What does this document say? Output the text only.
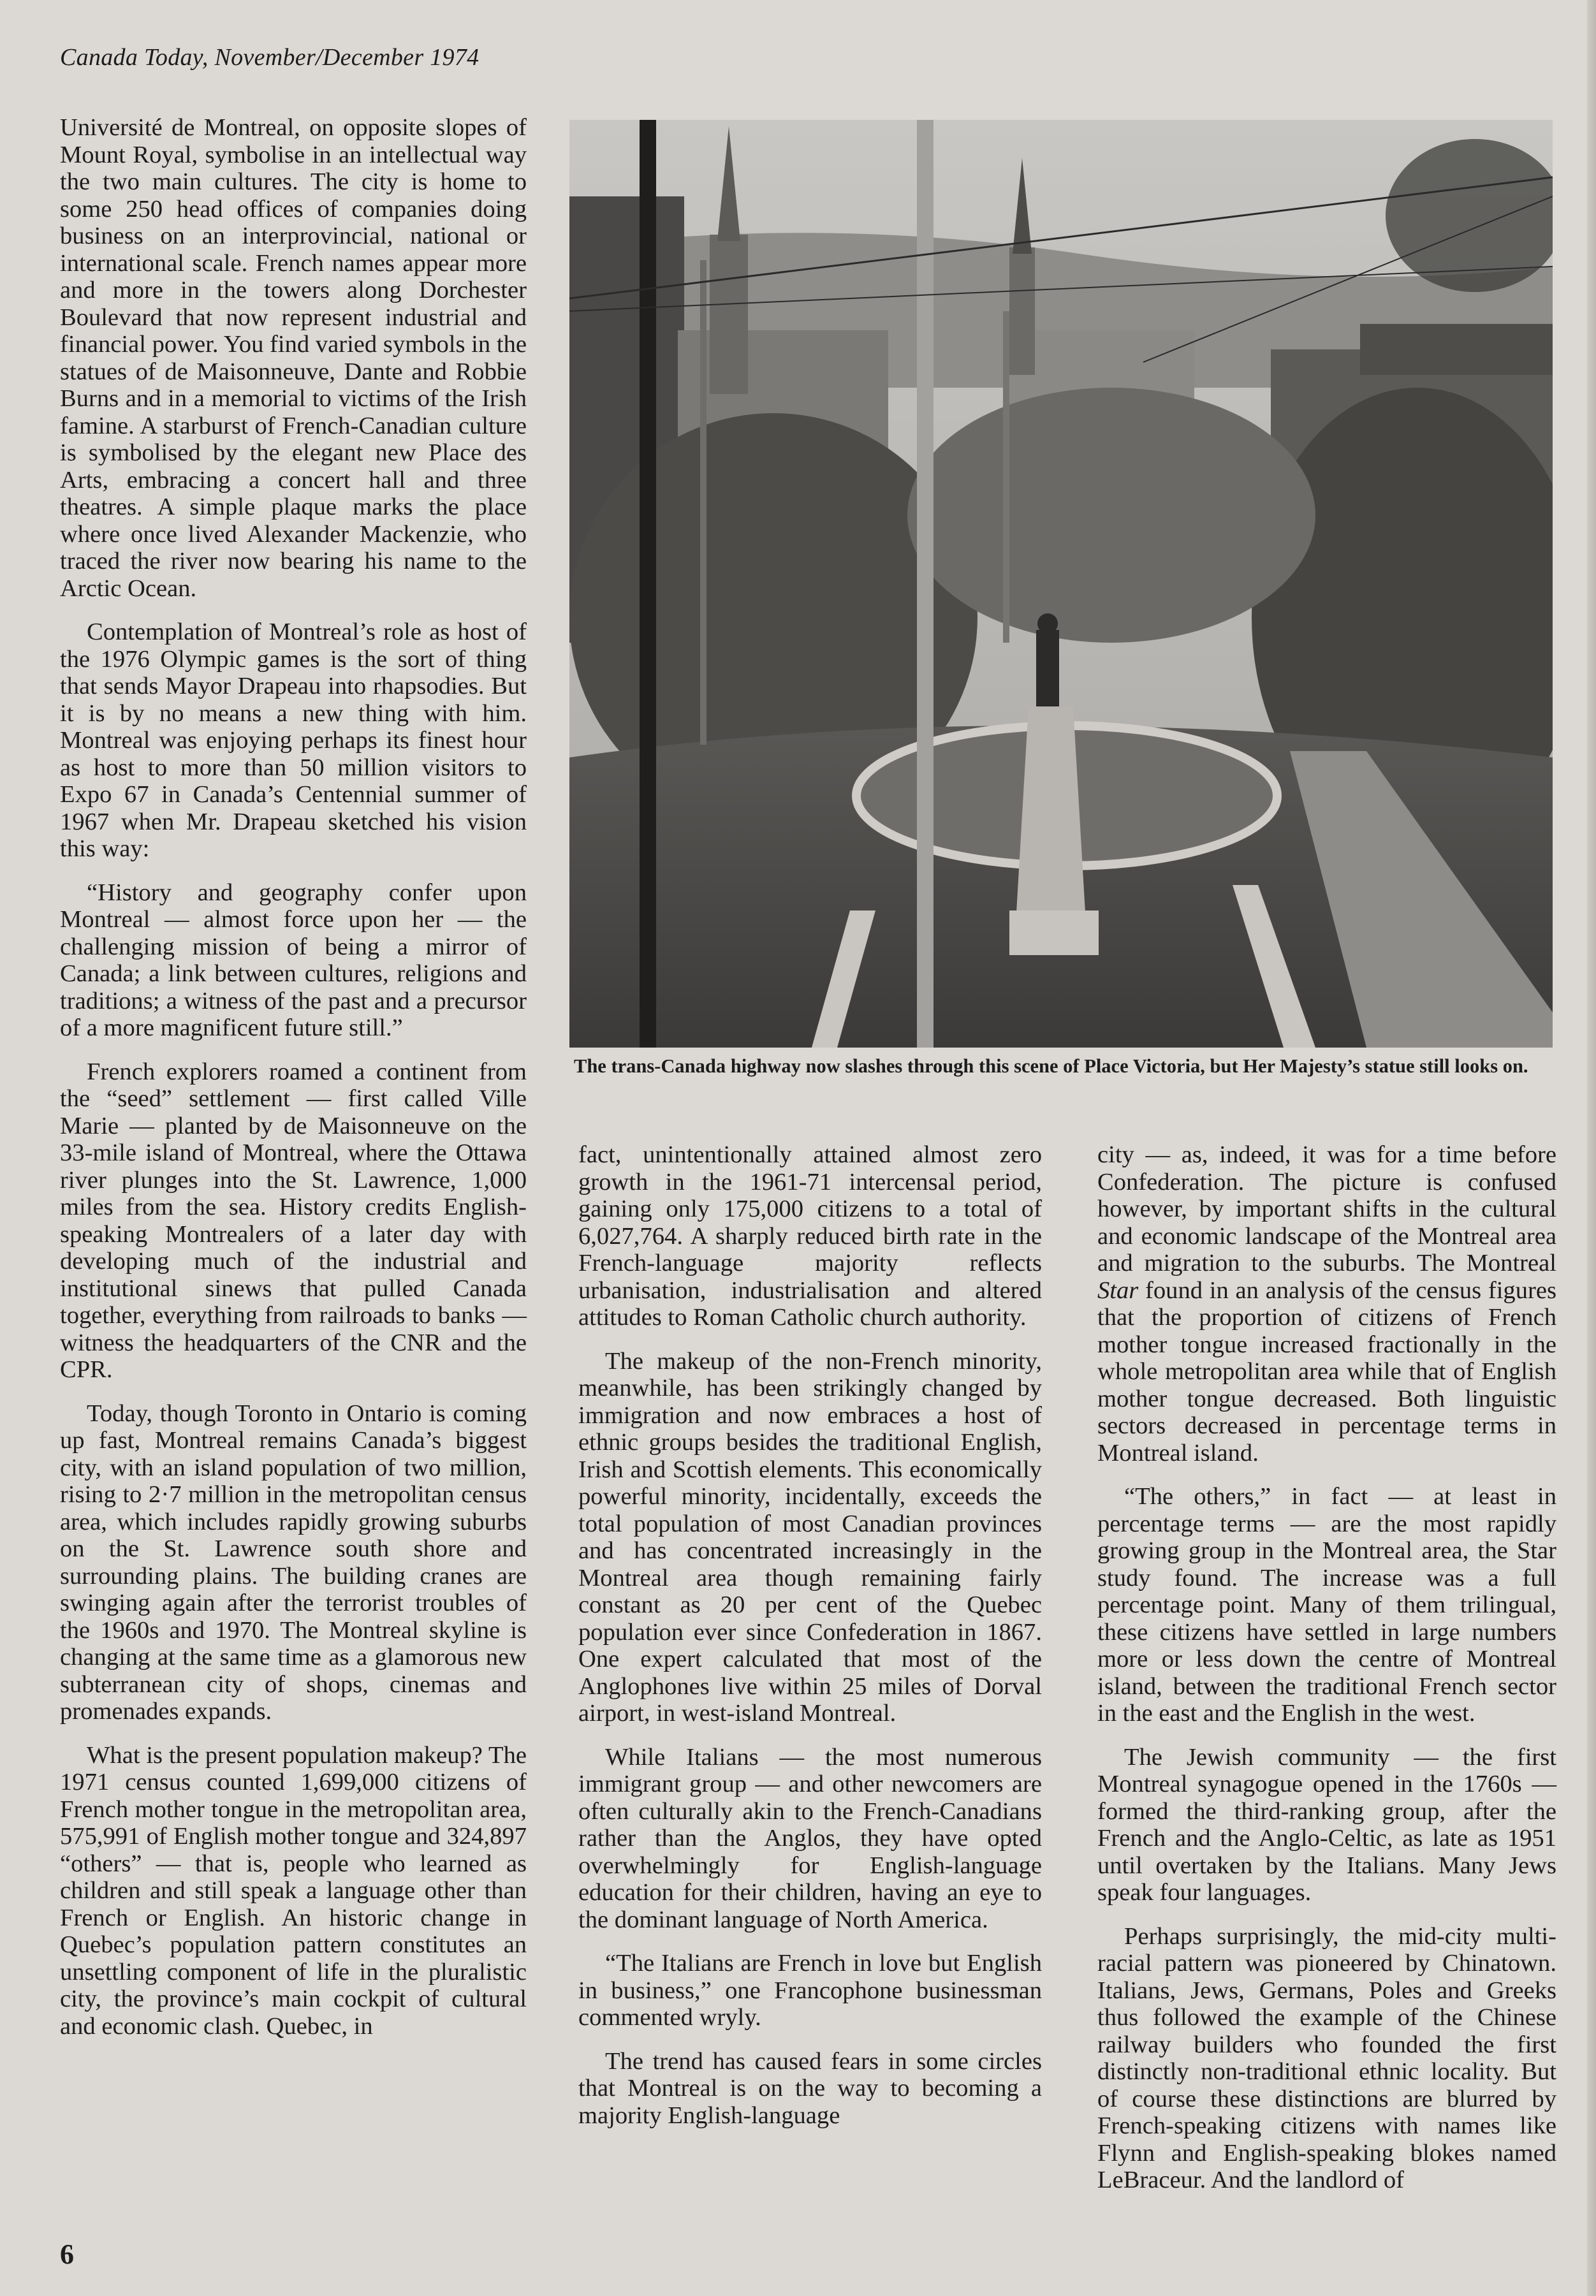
Canada Today, November/December 1974

Université de Montreal, on opposite slopes of Mount Royal, symbolise in an intellectual way the two main cultures. The city is home to some 250 head offices of companies doing business on an interprovincial, national or international scale. French names appear more and more in the towers along Dorchester Boulevard that now represent industrial and financial power. You find varied symbols in the statues of de Maisonneuve, Dante and Robbie Burns and in a memorial to victims of the Irish famine. A starburst of French-Canadian culture is symbolised by the elegant new Place des Arts, embracing a concert hall and three theatres. A simple plaque marks the place where once lived Alexander Mackenzie, who traced the river now bearing his name to the Arctic Ocean.

Contemplation of Montreal’s role as host of the 1976 Olympic games is the sort of thing that sends Mayor Drapeau into rhapsodies. But it is by no means a new thing with him. Montreal was enjoying perhaps its finest hour as host to more than 50 million visitors to Expo 67 in Canada’s Centennial summer of 1967 when Mr. Drapeau sketched his vision this way:

“History and geography confer upon Montreal — almost force upon her — the challenging mission of being a mirror of Canada; a link between cultures, religions and traditions; a witness of the past and a precursor of a more magnificent future still.”

French explorers roamed a continent from the “seed” settlement — first called Ville Marie — planted by de Maisonneuve on the 33-mile island of Montreal, where the Ottawa river plunges into the St. Lawrence, 1,000 miles from the sea. History credits English-speaking Montrealers of a later day with developing much of the industrial and institutional sinews that pulled Canada together, everything from railroads to banks — witness the headquarters of the CNR and the CPR.

Today, though Toronto in Ontario is coming up fast, Montreal remains Canada’s biggest city, with an island population of two million, rising to 2·7 million in the metropolitan census area, which includes rapidly growing suburbs on the St. Lawrence south shore and surrounding plains. The building cranes are swinging again after the terrorist troubles of the 1960s and 1970. The Montreal skyline is changing at the same time as a glamorous new subterranean city of shops, cinemas and promenades expands.

What is the present population makeup? The 1971 census counted 1,699,000 citizens of French mother tongue in the metropolitan area, 575,991 of English mother tongue and 324,897 “others” — that is, people who learned as children and still speak a language other than French or English. An historic change in Quebec’s population pattern constitutes an unsettling component of life in the pluralistic city, the province’s main cockpit of cultural and economic clash. Quebec, in

The trans-Canada highway now slashes through this scene of Place Victoria, but Her Majesty’s statue still looks on.

fact, unintentionally attained almost zero growth in the 1961-71 intercensal period, gaining only 175,000 citizens to a total of 6,027,764. A sharply reduced birth rate in the French-language majority reflects urbanisation, industrialisation and altered attitudes to Roman Catholic church authority.

The makeup of the non-French minority, meanwhile, has been strikingly changed by immigration and now embraces a host of ethnic groups besides the traditional English, Irish and Scottish elements. This economically powerful minority, incidentally, exceeds the total population of most Canadian provinces and has concentrated increasingly in the Montreal area though remaining fairly constant as 20 per cent of the Quebec population ever since Confederation in 1867. One expert calculated that most of the Anglophones live within 25 miles of Dorval airport, in west-island Montreal.

While Italians — the most numerous immigrant group — and other newcomers are often culturally akin to the French-Canadians rather than the Anglos, they have opted overwhelmingly for English-language education for their children, having an eye to the dominant language of North America.

“The Italians are French in love but English in business,” one Francophone businessman commented wryly.

The trend has caused fears in some circles that Montreal is on the way to becoming a majority English-language

city — as, indeed, it was for a time before Confederation. The picture is confused however, by important shifts in the cultural and economic landscape of the Montreal area and migration to the suburbs. The Montreal Star found in an analysis of the census figures that the proportion of citizens of French mother tongue increased fractionally in the whole metropolitan area while that of English mother tongue decreased. Both linguistic sectors decreased in percentage terms in Montreal island.

“The others,” in fact — at least in percentage terms — are the most rapidly growing group in the Montreal area, the Star study found. The increase was a full percentage point. Many of them trilingual, these citizens have settled in large numbers more or less down the centre of Montreal island, between the traditional French sector in the east and the English in the west.

The Jewish community — the first Montreal synagogue opened in the 1760s — formed the third-ranking group, after the French and the Anglo-Celtic, as late as 1951 until overtaken by the Italians. Many Jews speak four languages.

Perhaps surprisingly, the mid-city multi-racial pattern was pioneered by Chinatown. Italians, Jews, Germans, Poles and Greeks thus followed the example of the Chinese railway builders who founded the first distinctly non-traditional ethnic locality. But of course these distinctions are blurred by French-speaking citizens with names like Flynn and English-speaking blokes named LeBraceur. And the landlord of

6
